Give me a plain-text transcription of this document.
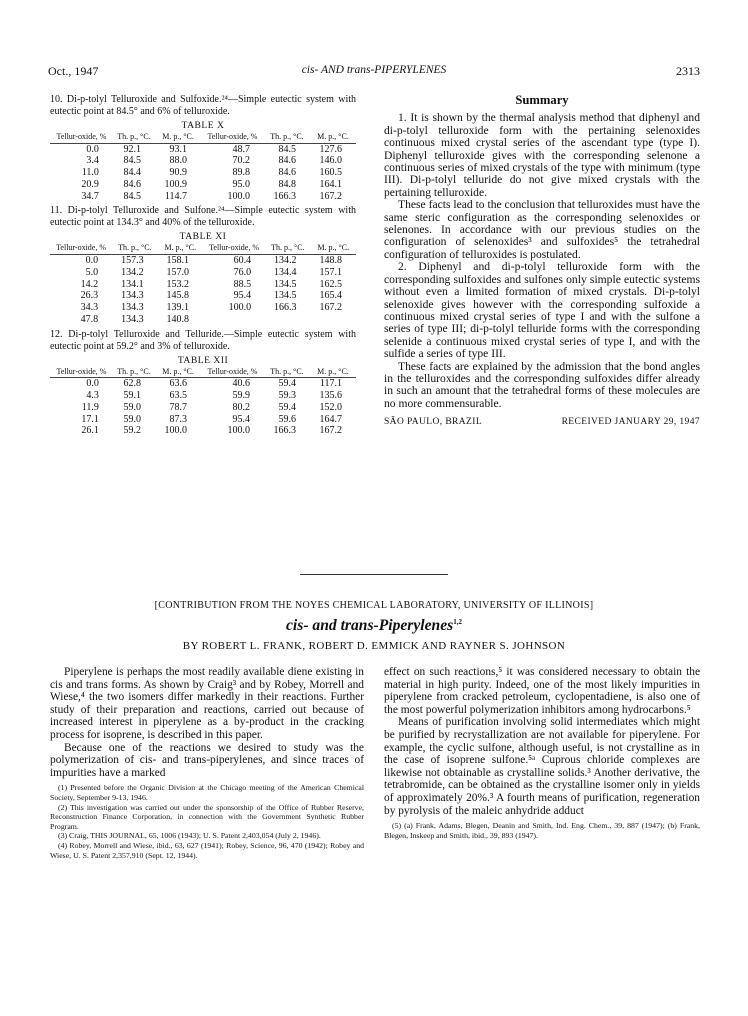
Oct., 1947	cis- AND trans-PIPERYLENES	2313

10. Di-p-tolyl Telluroxide and Sulfoxide.²⁴—Simple eutectic system with eutectic point at 84.5° and 6% of telluroxide.

TABLE X
Tellur-oxide, %	Th. p., °C.	M. p., °C.	Tellur-oxide, %	Th. p., °C.	M. p., °C.
0.0	92.1	93.1	48.7	84.5	127.6
3.4	84.5	88.0	70.2	84.6	146.0
11.0	84.4	90.9	89.8	84.6	160.5
20.9	84.6	100.9	95.0	84.8	164.1
34.7	84.5	114.7	100.0	166.3	167.2

11. Di-p-tolyl Telluroxide and Sulfone.²⁴—Simple eutectic system with eutectic point at 134.3° and 40% of the telluroxide.

TABLE XI
Tellur-oxide, %	Th. p., °C.	M. p., °C.	Tellur-oxide, %	Th. p., °C.	M. p., °C.
0.0	157.3	158.1	60.4	134.2	148.8
5.0	134.2	157.0	76.0	134.4	157.1
14.2	134.1	153.2	88.5	134.5	162.5
26.3	134.3	145.8	95.4	134.5	165.4
34.3	134.3	139.1	100.0	166.3	167.2
47.8	134.3	140.8			

12. Di-p-tolyl Telluroxide and Telluride.—Simple eutectic system with eutectic point at 59.2° and 3% of telluroxide.

TABLE XII
Tellur-oxide, %	Th. p., °C.	M. p., °C.	Tellur-oxide, %	Th. p., °C.	M. p., °C.
0.0	62.8	63.6	40.6	59.4	117.1
4.3	59.1	63.5	59.9	59.3	135.6
11.9	59.0	78.7	80.2	59.4	152.0
17.1	59.0	87.3	95.4	59.6	164.7
26.1	59.2	100.0	100.0	166.3	167.2
Summary

1. It is shown by the thermal analysis method that diphenyl and di-p-tolyl telluroxide form with the pertaining selenoxides continuous mixed crystal series of the ascendant type (type I). Diphenyl telluroxide gives with the corresponding selenone a continuous series of mixed crystals of the type with minimum (type III). Di-p-tolyl telluride do not give mixed crystals with the pertaining telluroxide.

These facts lead to the conclusion that telluroxides must have the same steric configuration as the corresponding selenoxides or selenones. In accordance with our previous studies on the configuration of selenoxides³ and sulfoxides⁵ the tetrahedral configuration of telluroxides is postulated.

2. Diphenyl and di-p-tolyl telluroxide form with the corresponding sulfoxides and sulfones only simple eutectic systems without even a limited formation of mixed crystals. Di-p-tolyl selenoxide gives however with the corresponding sulfoxide a continuous mixed crystal series of type I and with the sulfone a series of type III; di-p-tolyl telluride forms with the corresponding selenide a continuous mixed crystal series of type I, and with the sulfide a series of type III.

These facts are explained by the admission that the bond angles in the telluroxides and the corresponding sulfoxides differ already in such an amount that the tetrahedral forms of these molecules are no more commensurable.

SÃO PAULO, BRAZIL	RECEIVED JANUARY 29, 1947
[CONTRIBUTION FROM THE NOYES CHEMICAL LABORATORY, UNIVERSITY OF ILLINOIS]
cis- and trans-Piperylenes$^{1,2}$
BY ROBERT L. FRANK, ROBERT D. EMMICK AND RAYNER S. JOHNSON

Piperylene is perhaps the most readily available diene existing in cis and trans forms. As shown by Craig³ and by Robey, Morrell and Wiese,⁴ the two isomers differ markedly in their reactions. Further study of their preparation and reactions, carried out because of increased interest in piperylene as a by-product in the cracking process for isoprene, is described in this paper.

Because one of the reactions we desired to study was the polymerization of cis- and trans-piperylenes, and since traces of impurities have a marked

(1) Presented before the Organic Division at the Chicago meeting of the American Chemical Society, September 9-13, 1946.

(2) This investigation was carried out under the sponsorship of the Office of Rubber Reserve, Reconstruction Finance Corporation, in connection with the Government Synthetic Rubber Program.

(3) Craig, THIS JOURNAL, 65, 1006 (1943); U. S. Patent 2,403,054 (July 2, 1946).

(4) Robey, Morrell and Wiese, ibid., 63, 627 (1941); Robey, Science, 96, 470 (1942); Robey and Wiese, U. S. Patent 2,357,910 (Sept. 12, 1944).

effect on such reactions,⁵ it was considered necessary to obtain the material in high purity. Indeed, one of the most likely impurities in piperylene from cracked petroleum, cyclopentadiene, is also one of the most powerful polymerization inhibitors among hydrocarbons.⁵

Means of purification involving solid intermediates which might be purified by recrystallization are not available for piperylene. For example, the cyclic sulfone, although useful, is not crystalline as in the case of isoprene sulfone.⁵ᵃ Cuprous chloride complexes are likewise not obtainable as crystalline solids.³ Another derivative, the tetrabromide, can be obtained as the crystalline isomer only in yields of approximately 20%.³ A fourth means of purification, regeneration by pyrolysis of the maleic anhydride adduct

(5) (a) Frank, Adams, Blegen, Deanin and Smith, Ind. Eng. Chem., 39, 887 (1947); (b) Frank, Blegen, Inskeep and Smith, ibid., 39, 893 (1947).
